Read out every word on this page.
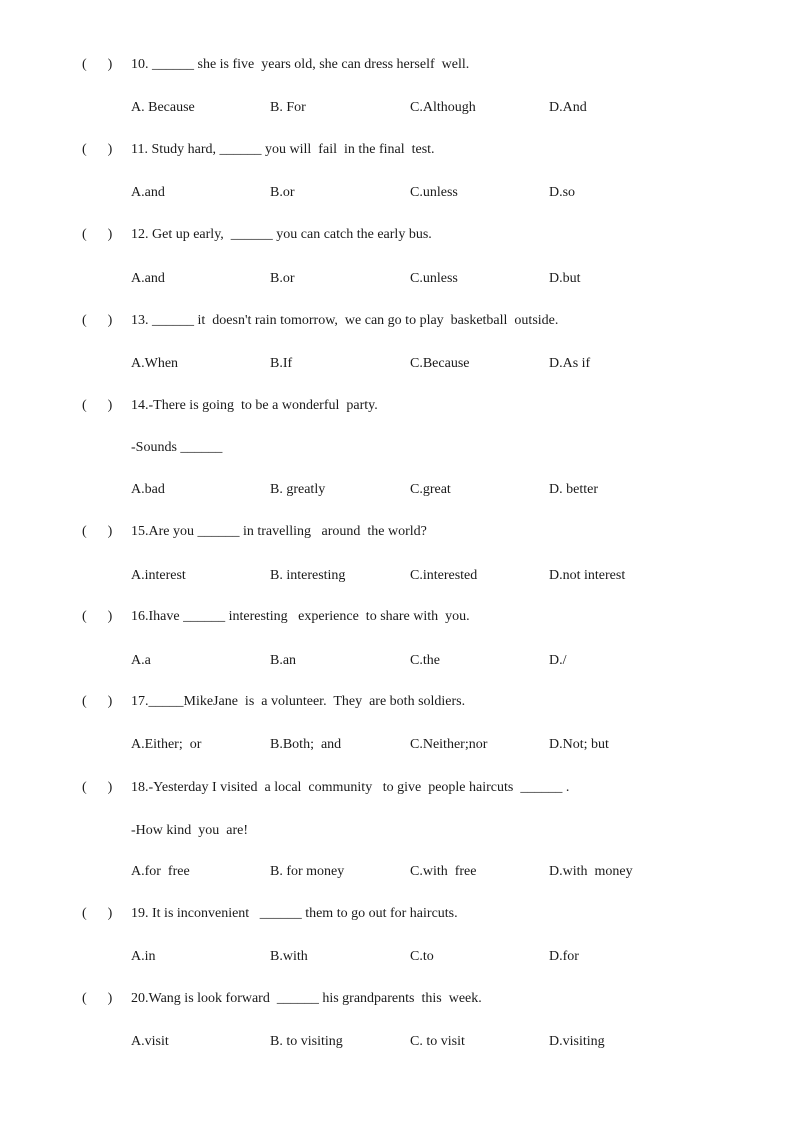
(      )	10. ______ she is five  years old, she can dress herself  well.
A. Because	B. For	C.Although	D.And
(      )	11. Study hard, ______ you will  fail  in the final  test.
A.and	B.or	C.unless	D.so
(      )	12. Get up early,  ______ you can catch the early bus.
A.and	B.or	C.unless	D.but
(      )	13. ______ it  doesn't rain tomorrow,  we can go to play  basketball  outside.
A.When	B.If	C.Because	D.As if
(      )	14.-There is going  to be a wonderful  party.
-Sounds ______
A.bad	B. greatly	C.great	D. better
(      )	15.Are you ______ in travelling   around  the world?
A.interest	B. interesting	C.interested	D.not interest
(      )	16.Ihave ______ interesting   experience  to share with  you.
A.a	B.an	C.the	D./
(      )	17._____MikeJane  is  a volunteer.  They  are both soldiers.
A.Either;  or	B.Both;  and	C.Neither;nor	D.Not; but
(      )	18.-Yesterday I visited  a local  community   to give  people haircuts  ______ .
-How kind  you  are!
A.for  free	B. for money	C.with  free	D.with  money
(      )	19. It is inconvenient   ______ them to go out for haircuts.
A.in	B.with	C.to	D.for
(      )	20.Wang is look forward  ______ his grandparents  this  week.
A.visit	B. to visiting	C. to visit	D.visiting
